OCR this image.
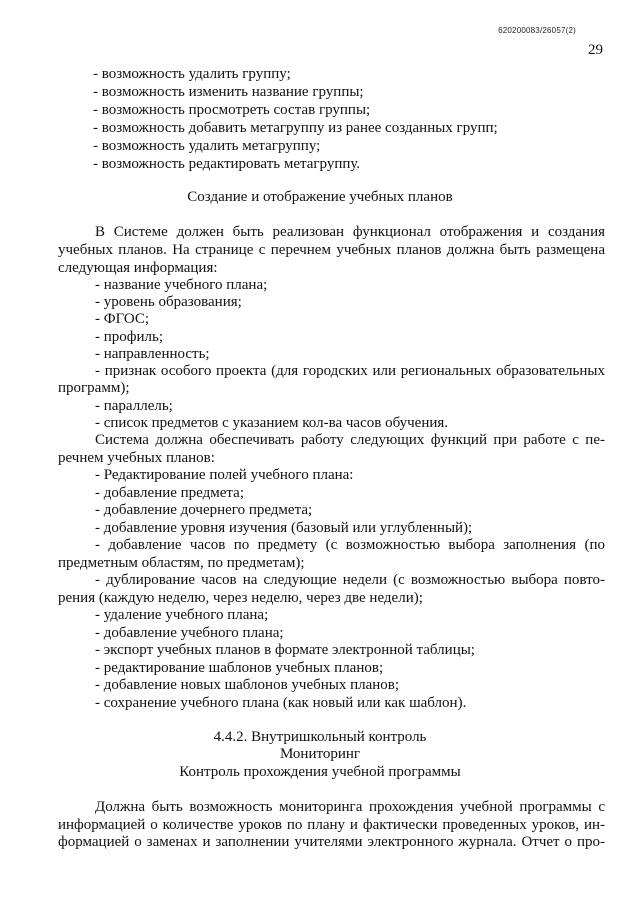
620200083/26057(2)
29
- возможность удалить группу;
- возможность изменить название группы;
- возможность просмотреть состав группы;
- возможность добавить метагруппу из ранее созданных групп;
- возможность удалить метагруппу;
- возможность редактировать метагруппу.
Создание и отображение учебных планов
В Системе должен быть реализован функционал отображения и создания
учебных планов. На странице с перечнем учебных планов должна быть размещена
следующая информация:
- название учебного плана;
- уровень образования;
- ФГОС;
- профиль;
- направленность;
- признак особого проекта (для городских или региональных образовательных
программ);
- параллель;
- список предметов с указанием кол-ва часов обучения.
Система должна обеспечивать работу следующих функций при работе с пе-
речнем учебных планов:
- Редактирование полей учебного плана:
- добавление предмета;
- добавление дочернего предмета;
- добавление уровня изучения (базовый или углубленный);
- добавление часов по предмету (с возможностью выбора заполнения (по
предметным областям, по предметам);
- дублирование часов на следующие недели (с возможностью выбора повто-
рения (каждую неделю, через неделю, через две недели);
- удаление учебного плана;
- добавление учебного плана;
- экспорт учебных планов в формате электронной таблицы;
- редактирование шаблонов учебных планов;
- добавление новых шаблонов учебных планов;
- сохранение учебного плана (как новый или как шаблон).
4.4.2. Внутришкольный контроль
Мониторинг
Контроль прохождения учебной программы
Должна быть возможность мониторинга прохождения учебной программы с
информацией о количестве уроков по плану и фактически проведенных уроков, ин-
формацией о заменах и заполнении учителями электронного журнала. Отчет о про-
